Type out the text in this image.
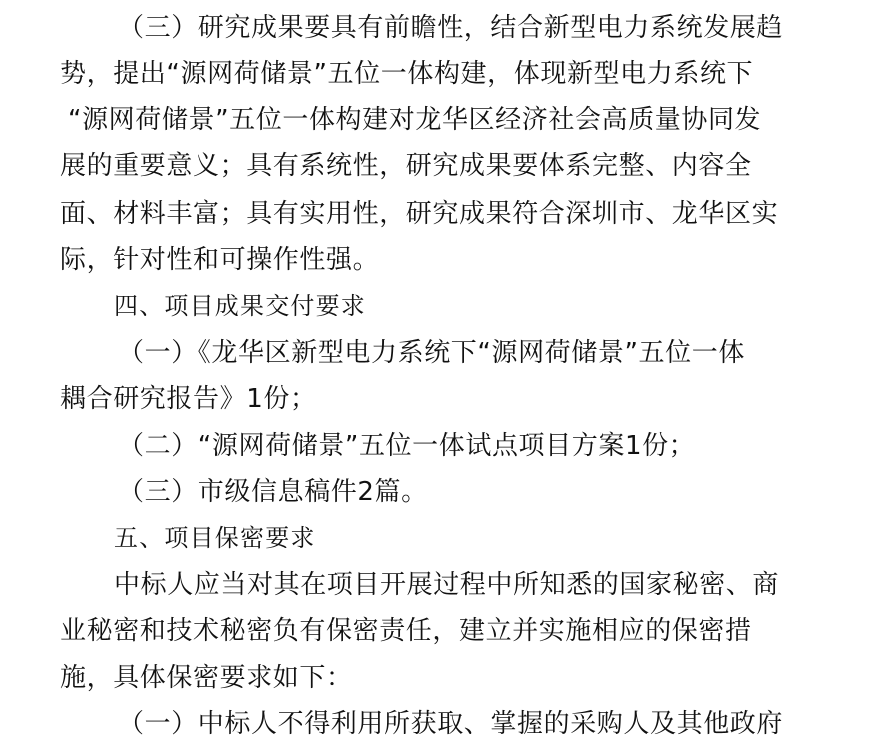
（三）研究成果要具有前瞻性，结合新型电力系统发展趋
势，提出“源网荷储景”五位一体构建，体现新型电力系统下
“源网荷储景”五位一体构建对龙华区经济社会高质量协同发
展的重要意义；具有系统性，研究成果要体系完整、内容全
面、材料丰富；具有实用性，研究成果符合深圳市、龙华区实
际，针对性和可操作性强。
四、项目成果交付要求
（一）《龙华区新型电力系统下“源网荷储景”五位一体
耦合研究报告》1份；
（二）“源网荷储景”五位一体试点项目方案1份；
（三）市级信息稿件2篇。
五、项目保密要求
中标人应当对其在项目开展过程中所知悉的国家秘密、商
业秘密和技术秘密负有保密责任，建立并实施相应的保密措
施，具体保密要求如下：
（一）中标人不得利用所获取、掌握的采购人及其他政府
